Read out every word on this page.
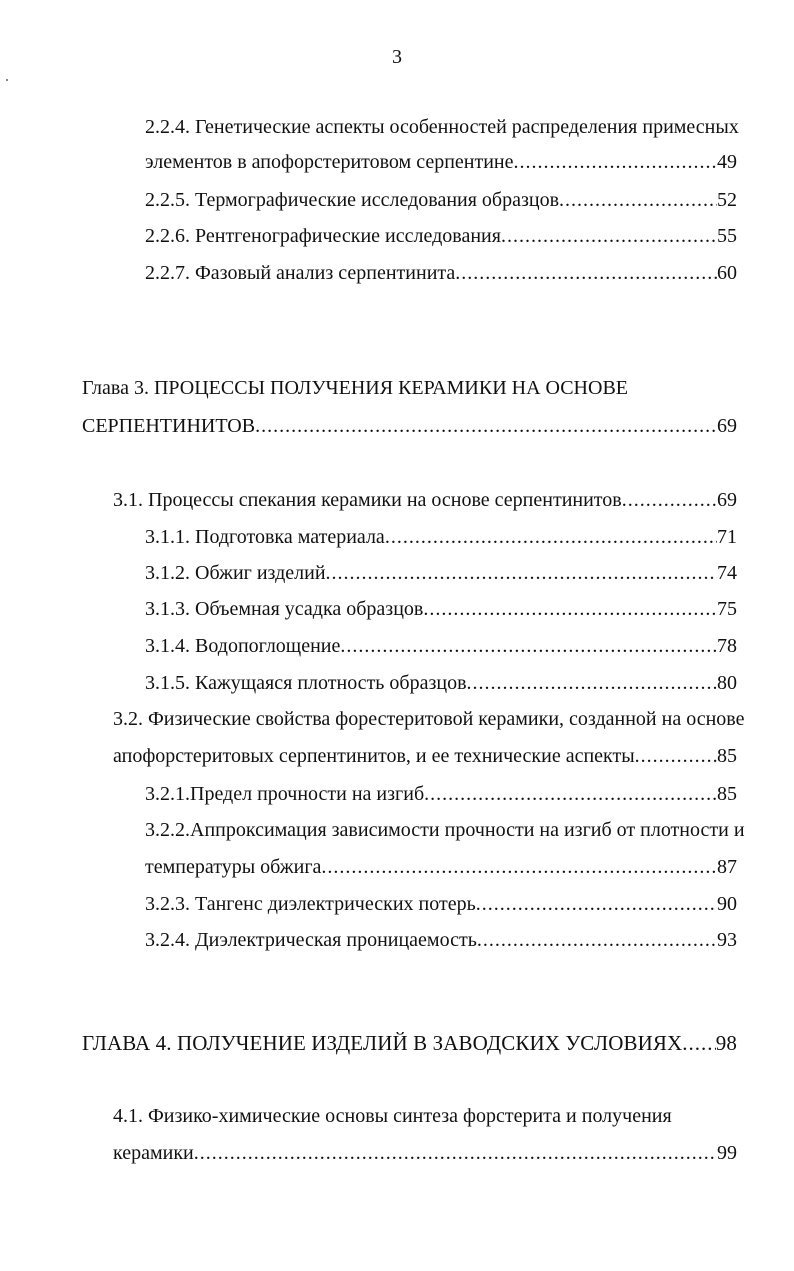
3
2.2.4. Генетические аспекты особенностей распределения примесных
элементов в апофорстеритовом серпентине .....	49
2.2.5. Термографические исследования образцов .....	52
2.2.6. Рентгенографические исследования .....	55
2.2.7. Фазовый анализ серпентинита .....	60
Глава 3. ПРОЦЕССЫ ПОЛУЧЕНИЯ КЕРАМИКИ НА ОСНОВЕ
СЕРПЕНТИНИТОВ .....	69
3.1. Процессы спекания керамики на основе серпентинитов .....	69
3.1.1. Подготовка материала .....	71
3.1.2. Обжиг изделий .....	74
3.1.3. Объемная усадка образцов .....	75
3.1.4. Водопоглощение .....	78
3.1.5. Кажущаяся плотность образцов .....	80
3.2. Физические свойства форестеритовой керамики, созданной на основе
апофорстеритовых серпентинитов, и ее технические аспекты .....	85
3.2.1.Предел прочности на изгиб .....	85
3.2.2.Аппроксимация зависимости прочности на изгиб от плотности и
температуры обжига .....	87
3.2.3. Тангенс диэлектрических потерь .....	90
3.2.4. Диэлектрическая проницаемость .....	93
ГЛАВА 4. ПОЛУЧЕНИЕ ИЗДЕЛИЙ В ЗАВОДСКИХ УСЛОВИЯХ ..... 98
4.1. Физико-химические основы синтеза форстерита и получения
керамики .....	99
